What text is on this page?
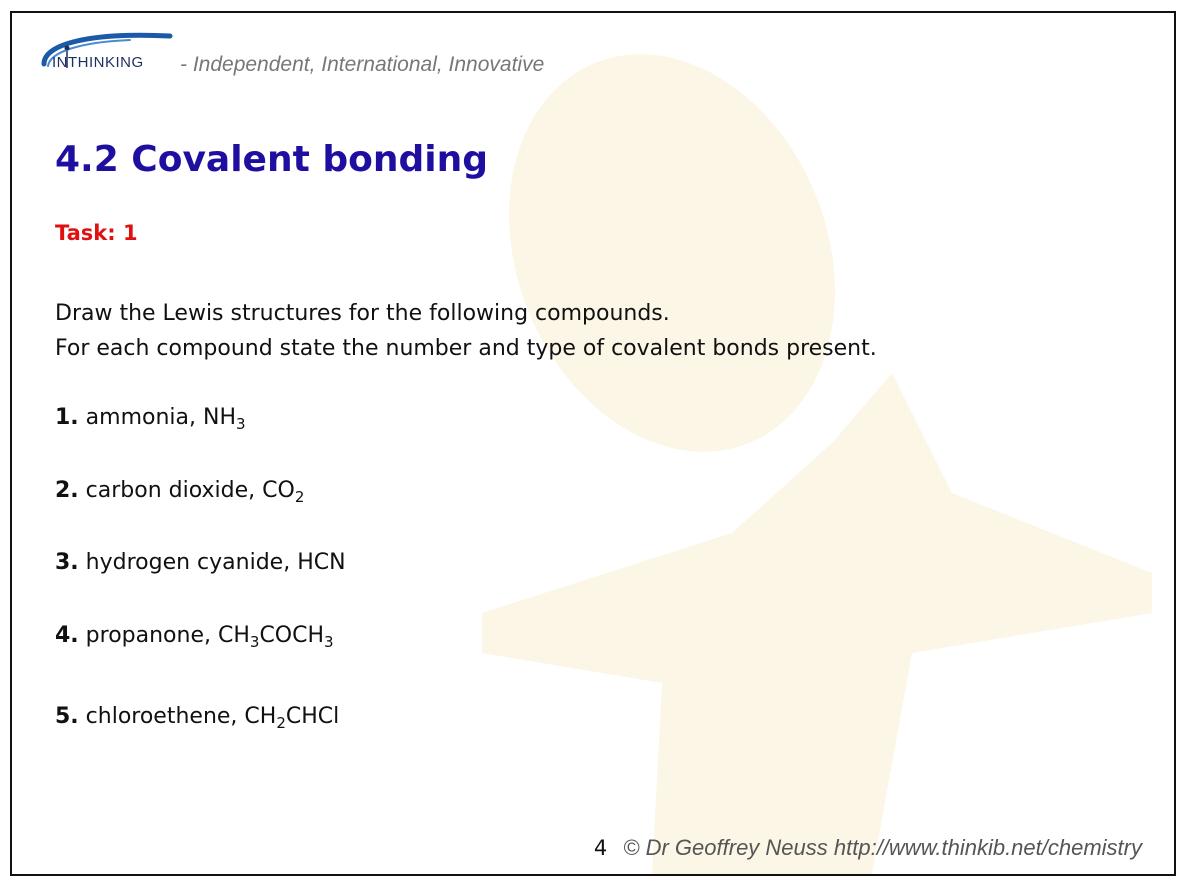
INTHINKING - Independent, International, Innovative
4.2 Covalent bonding
Task: 1
Draw the Lewis structures for the following compounds.
For each compound state the number and type of covalent bonds present.
1. ammonia, $NH_3$
2. carbon dioxide, $CO_2$
3. hydrogen cyanide, HCN
4. propanone, $CH_3COCH_3$
5. chloroethene, $CH_2CHCl$
4 © Dr Geoffrey Neuss http://www.thinkib.net/chemistry
